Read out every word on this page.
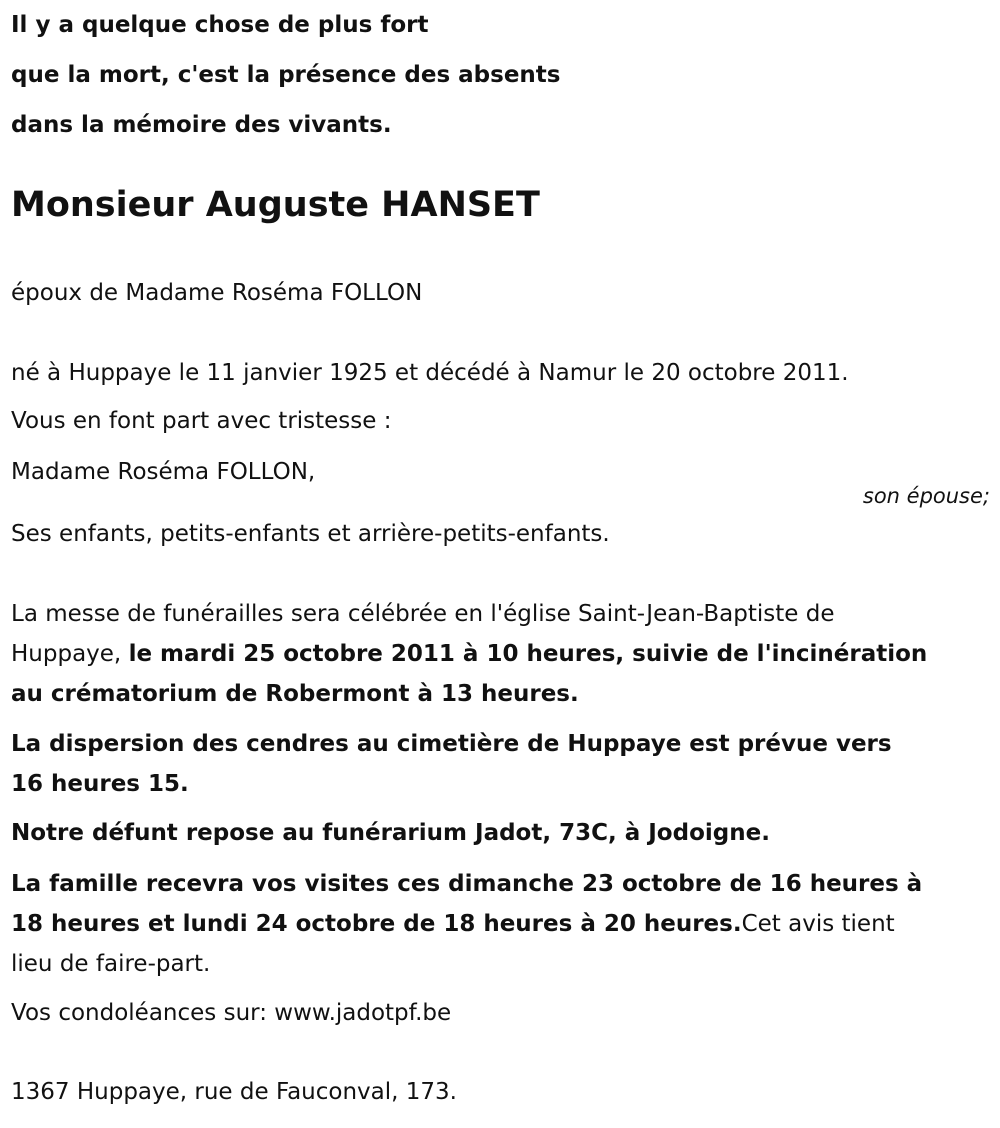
Il y a quelque chose de plus fort
que la mort, c'est la présence des absents
dans la mémoire des vivants.
Monsieur Auguste HANSET
époux de Madame Roséma FOLLON
né à Huppaye le 11 janvier 1925 et décédé à Namur le 20 octobre 2011.
Vous en font part avec tristesse :
Madame Roséma FOLLON,
son épouse;
Ses enfants, petits-enfants et arrière-petits-enfants.
La messe de funérailles sera célébrée en l'église Saint-Jean-Baptiste de
Huppaye, le mardi 25 octobre 2011 à 10 heures, suivie de l'incinération
au crématorium de Robermont à 13 heures.
La dispersion des cendres au cimetière de Huppaye est prévue vers
16 heures 15.
Notre défunt repose au funérarium Jadot, 73C, à Jodoigne.
La famille recevra vos visites ces dimanche 23 octobre de 16 heures à
18 heures et lundi 24 octobre de 18 heures à 20 heures.Cet avis tient
lieu de faire-part.
Vos condoléances sur: www.jadotpf.be
1367 Huppaye, rue de Fauconval, 173.
